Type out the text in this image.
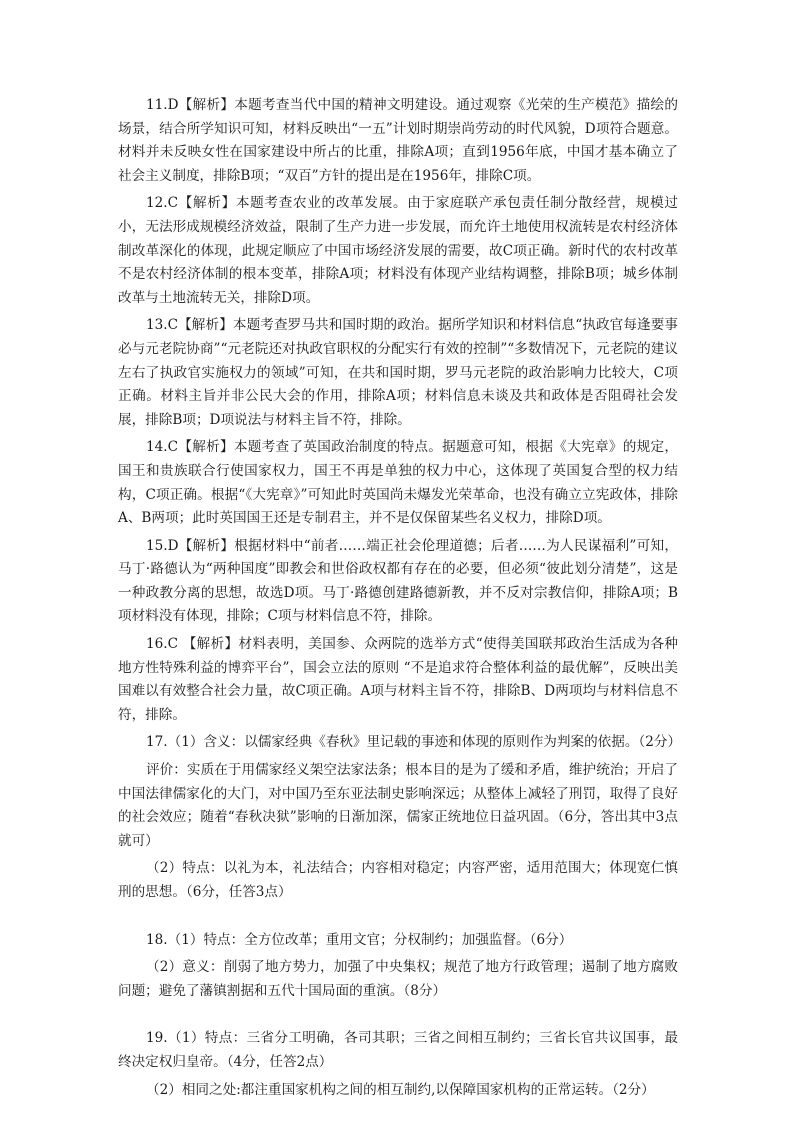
11.D【解析】本题考查当代中国的精神文明建设。通过观察《光荣的生产模范》描绘的场景，结合所学知识可知，材料反映出“一五”计划时期崇尚劳动的时代风貌，D项符合题意。材料并未反映女性在国家建设中所占的比重，排除A项；直到1956年底，中国才基本确立了社会主义制度，排除B项；“双百”方针的提出是在1956年，排除C项。

12.C【解析】本题考查农业的改革发展。由于家庭联产承包责任制分散经营，规模过小，无法形成规模经济效益，限制了生产力进一步发展，而允许土地使用权流转是农村经济体制改革深化的体现，此规定顺应了中国市场经济发展的需要，故C项正确。新时代的农村改革不是农村经济体制的根本变革，排除A项；材料没有体现产业结构调整，排除B项；城乡体制改革与土地流转无关，排除D项。

13.C【解析】本题考查罗马共和国时期的政治。据所学知识和材料信息“执政官每逢要事必与元老院协商”“元老院还对执政官职权的分配实行有效的控制”“多数情况下，元老院的建议左右了执政官实施权力的领域”可知，在共和国时期，罗马元老院的政治影响力比较大，C项正确。材料主旨并非公民大会的作用，排除A项；材料信息未谈及共和政体是否阻碍社会发展，排除B项；D项说法与材料主旨不符，排除。

14.C【解析】本题考查了英国政治制度的特点。据题意可知，根据《大宪章》的规定，国王和贵族联合行使国家权力，国王不再是单独的权力中心，这体现了英国复合型的权力结构，C项正确。根据“《大宪章》”可知此时英国尚未爆发光荣革命，也没有确立立宪政体，排除A、B两项；此时英国国王还是专制君主，并不是仅保留某些名义权力，排除D项。

15.D【解析】根据材料中“前者……端正社会伦理道德；后者……为人民谋福利”可知，马丁·路德认为“两种国度”即教会和世俗政权都有存在的必要，但必须“彼此划分清楚”，这是一种政教分离的思想，故选D项。马丁·路德创建路德新教，并不反对宗教信仰，排除A项；B项材料没有体现，排除；C项与材料信息不符，排除。

16.C 【解析】材料表明，美国参、众两院的选举方式“使得美国联邦政治生活成为各种地方性特殊利益的博弈平台”，国会立法的原则 “不是追求符合整体利益的最优解”，反映出美国难以有效整合社会力量，故C项正确。A项与材料主旨不符，排除B、D两项均与材料信息不符，排除。

17.（1）含义：以儒家经典《春秋》里记载的事迹和体现的原则作为判案的依据。（2分）

评价：实质在于用儒家经义架空法家法条；根本目的是为了缓和矛盾，维护统治；开启了中国法律儒家化的大门，对中国乃至东亚法制史影响深远；从整体上减轻了刑罚，取得了良好的社会效应；随着“春秋决狱”影响的日渐加深，儒家正统地位日益巩固。（6分，答出其中3点就可）

（2）特点：以礼为本，礼法结合；内容相对稳定；内容严密，适用范围大；体现宽仁慎刑的思想。（6分，任答3点）

18.（1）特点：全方位改革；重用文官；分权制约；加强监督。（6分）

（2）意义：削弱了地方势力，加强了中央集权；规范了地方行政管理；遏制了地方腐败问题；避免了藩镇割据和五代十国局面的重演。（8分）

19.（1）特点：三省分工明确，各司其职；三省之间相互制约；三省长官共议国事，最终决定权归皇帝。（4分，任答2点）

（2）相同之处:都注重国家机构之间的相互制约,以保障国家机构的正常运转。（2分）
